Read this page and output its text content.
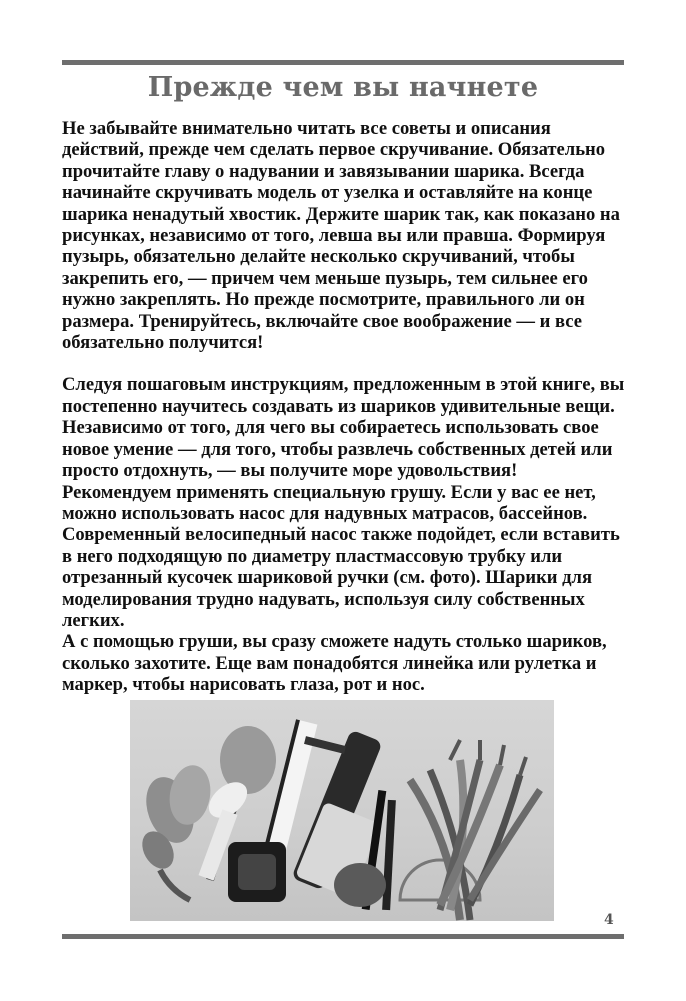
Прежде чем вы начнете

Не забывайте внимательно читать все советы и описания действий, прежде чем сделать первое скручивание. Обязательно прочитайте главу о надувании и завязывании шарика. Всегда начинайте скручивать модель от узелка и оставляйте на конце шарика ненадутый хвостик. Держите шарик так, как показано на рисунках, независимо от того, левша вы или правша. Формируя пузырь, обязательно делайте несколько скручиваний, чтобы закрепить его, — причем чем меньше пузырь, тем сильнее его нужно закреплять. Но прежде посмотрите, правильного ли он размера. Тренируйтесь, включайте свое воображение — и все обязательно получится!

Следуя пошаговым инструкциям, предложенным в этой книге, вы постепенно научитесь создавать из шариков удивительные вещи. Независимо от того, для чего вы собираетесь использовать свое новое умение — для того, чтобы развлечь собственных детей или просто отдохнуть, — вы получите море удовольствия!

Рекомендуем применять специальную грушу. Если у вас ее нет, можно использовать насос для надувных матрасов, бассейнов. Современный велосипедный насос также подойдет, если вставить в него подходящую по диаметру пластмассовую трубку или отрезанный кусочек шариковой ручки (см. фото). Шарики для моделирования трудно надувать, используя силу собственных легких.

А с помощью груши, вы сразу сможете надуть столько шариков, сколько захотите. Еще вам понадобятся линейка или рулетка и маркер, чтобы нарисовать глаза, рот и нос.

4
